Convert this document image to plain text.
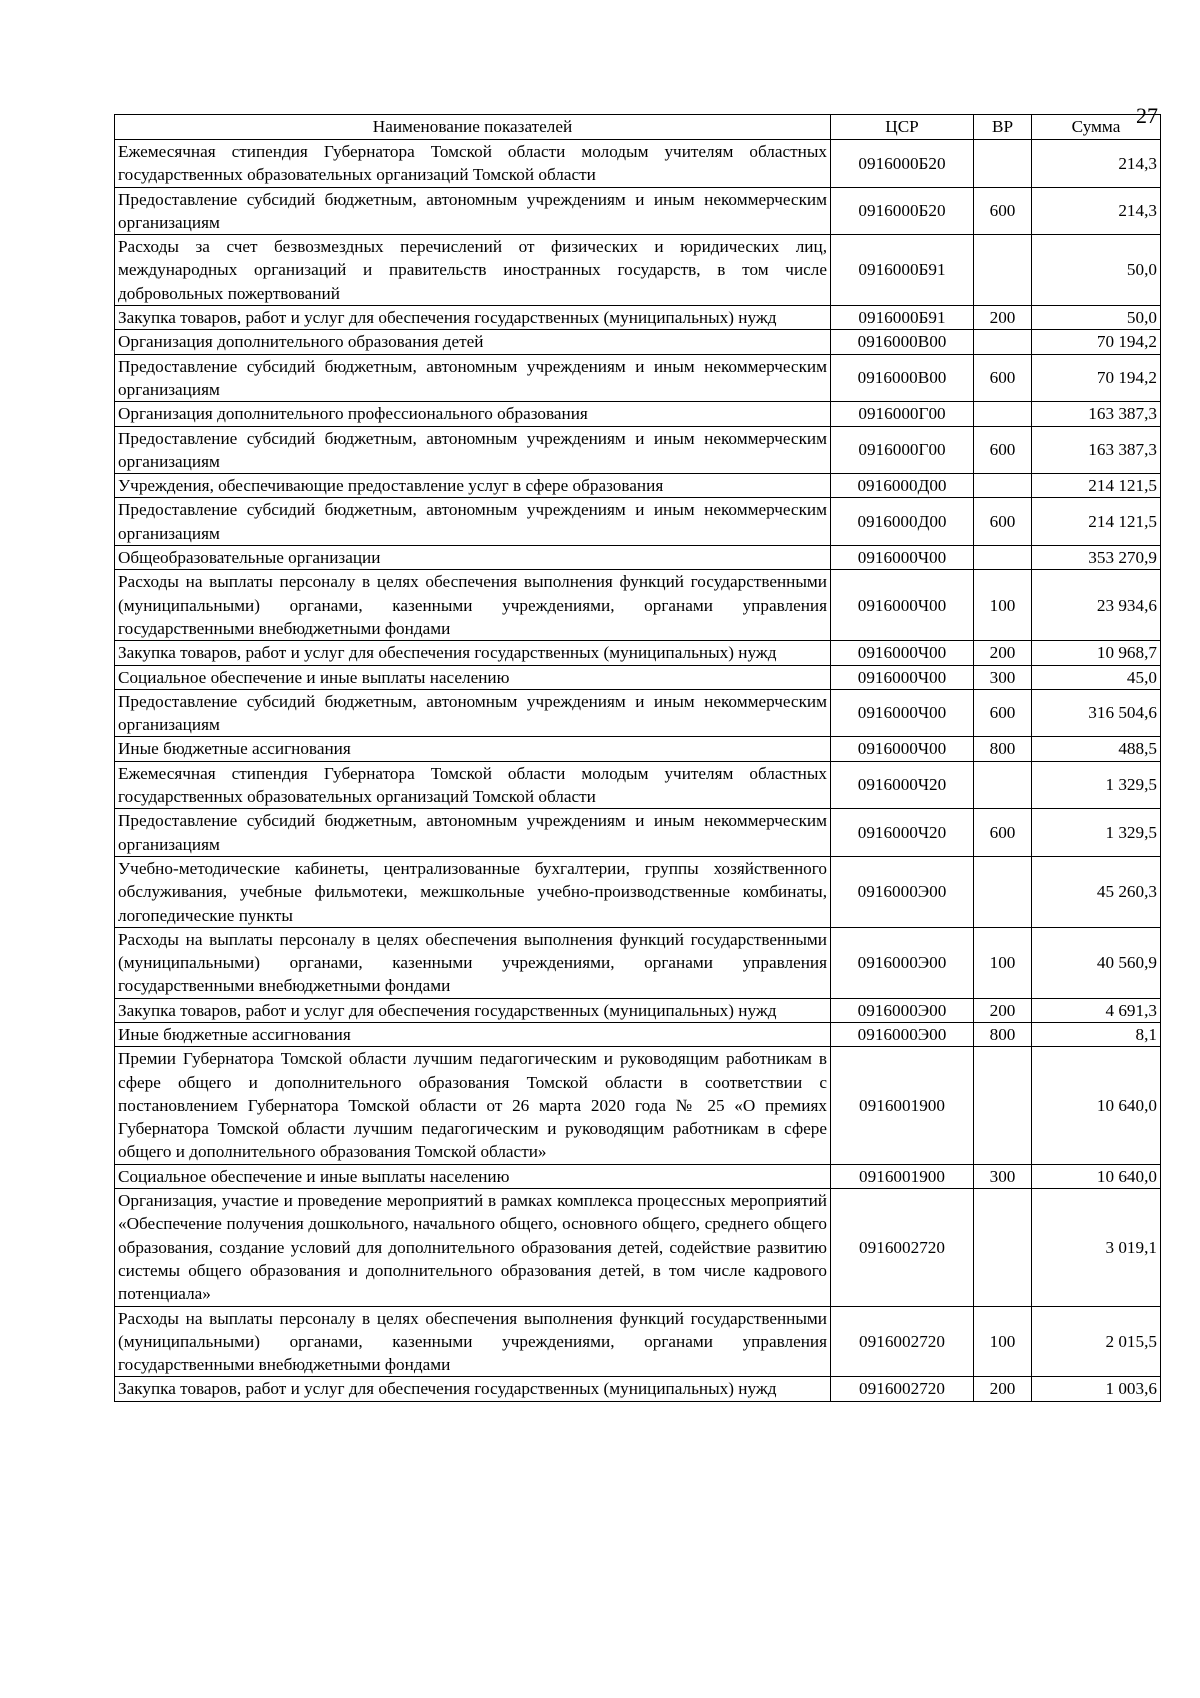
27
Наименование показателей	ЦСР	ВР	Сумма
Ежемесячная стипендия Губернатора Томской области молодым учителям областных государственных образовательных организаций Томской области	0916000Б20		214,3
Предоставление субсидий бюджетным, автономным учреждениям и иным некоммерческим организациям	0916000Б20	600	214,3
Расходы за счет безвозмездных перечислений от физических и юридических лиц, международных организаций и правительств иностранных государств, в том числе добровольных пожертвований	0916000Б91		50,0
Закупка товаров, работ и услуг для обеспечения государственных (муниципальных) нужд	0916000Б91	200	50,0
Организация дополнительного образования детей	0916000В00		70 194,2
Предоставление субсидий бюджетным, автономным учреждениям и иным некоммерческим организациям	0916000В00	600	70 194,2
Организация дополнительного профессионального образования	0916000Г00		163 387,3
Предоставление субсидий бюджетным, автономным учреждениям и иным некоммерческим организациям	0916000Г00	600	163 387,3
Учреждения, обеспечивающие предоставление услуг в сфере образования	0916000Д00		214 121,5
Предоставление субсидий бюджетным, автономным учреждениям и иным некоммерческим организациям	0916000Д00	600	214 121,5
Общеобразовательные организации	0916000Ч00		353 270,9
Расходы на выплаты персоналу в целях обеспечения выполнения функций государственными (муниципальными) органами, казенными учреждениями, органами управления государственными внебюджетными фондами	0916000Ч00	100	23 934,6
Закупка товаров, работ и услуг для обеспечения государственных (муниципальных) нужд	0916000Ч00	200	10 968,7
Социальное обеспечение и иные выплаты населению	0916000Ч00	300	45,0
Предоставление субсидий бюджетным, автономным учреждениям и иным некоммерческим организациям	0916000Ч00	600	316 504,6
Иные бюджетные ассигнования	0916000Ч00	800	488,5
Ежемесячная стипендия Губернатора Томской области молодым учителям областных государственных образовательных организаций Томской области	0916000Ч20		1 329,5
Предоставление субсидий бюджетным, автономным учреждениям и иным некоммерческим организациям	0916000Ч20	600	1 329,5
Учебно-методические кабинеты, централизованные бухгалтерии, группы хозяйственного обслуживания, учебные фильмотеки, межшкольные учебно-производственные комбинаты, логопедические пункты	0916000Э00		45 260,3
Расходы на выплаты персоналу в целях обеспечения выполнения функций государственными (муниципальными) органами, казенными учреждениями, органами управления государственными внебюджетными фондами	0916000Э00	100	40 560,9
Закупка товаров, работ и услуг для обеспечения государственных (муниципальных) нужд	0916000Э00	200	4 691,3
Иные бюджетные ассигнования	0916000Э00	800	8,1
Премии Губернатора Томской области лучшим педагогическим и руководящим работникам в сфере общего и дополнительного образования Томской области в соответствии с постановлением Губернатора Томской области от 26 марта 2020 года № 25 «О премиях Губернатора Томской области лучшим педагогическим и руководящим работникам в сфере общего и дополнительного образования Томской области»	0916001900		10 640,0
Социальное обеспечение и иные выплаты населению	0916001900	300	10 640,0
Организация, участие и проведение мероприятий в рамках комплекса процессных мероприятий «Обеспечение получения дошкольного, начального общего, основного общего, среднего общего образования, создание условий для дополнительного образования детей, содействие развитию системы общего образования и дополнительного образования детей, в том числе кадрового потенциала»	0916002720		3 019,1
Расходы на выплаты персоналу в целях обеспечения выполнения функций государственными (муниципальными) органами, казенными учреждениями, органами управления государственными внебюджетными фондами	0916002720	100	2 015,5
Закупка товаров, работ и услуг для обеспечения государственных (муниципальных) нужд	0916002720	200	1 003,6
